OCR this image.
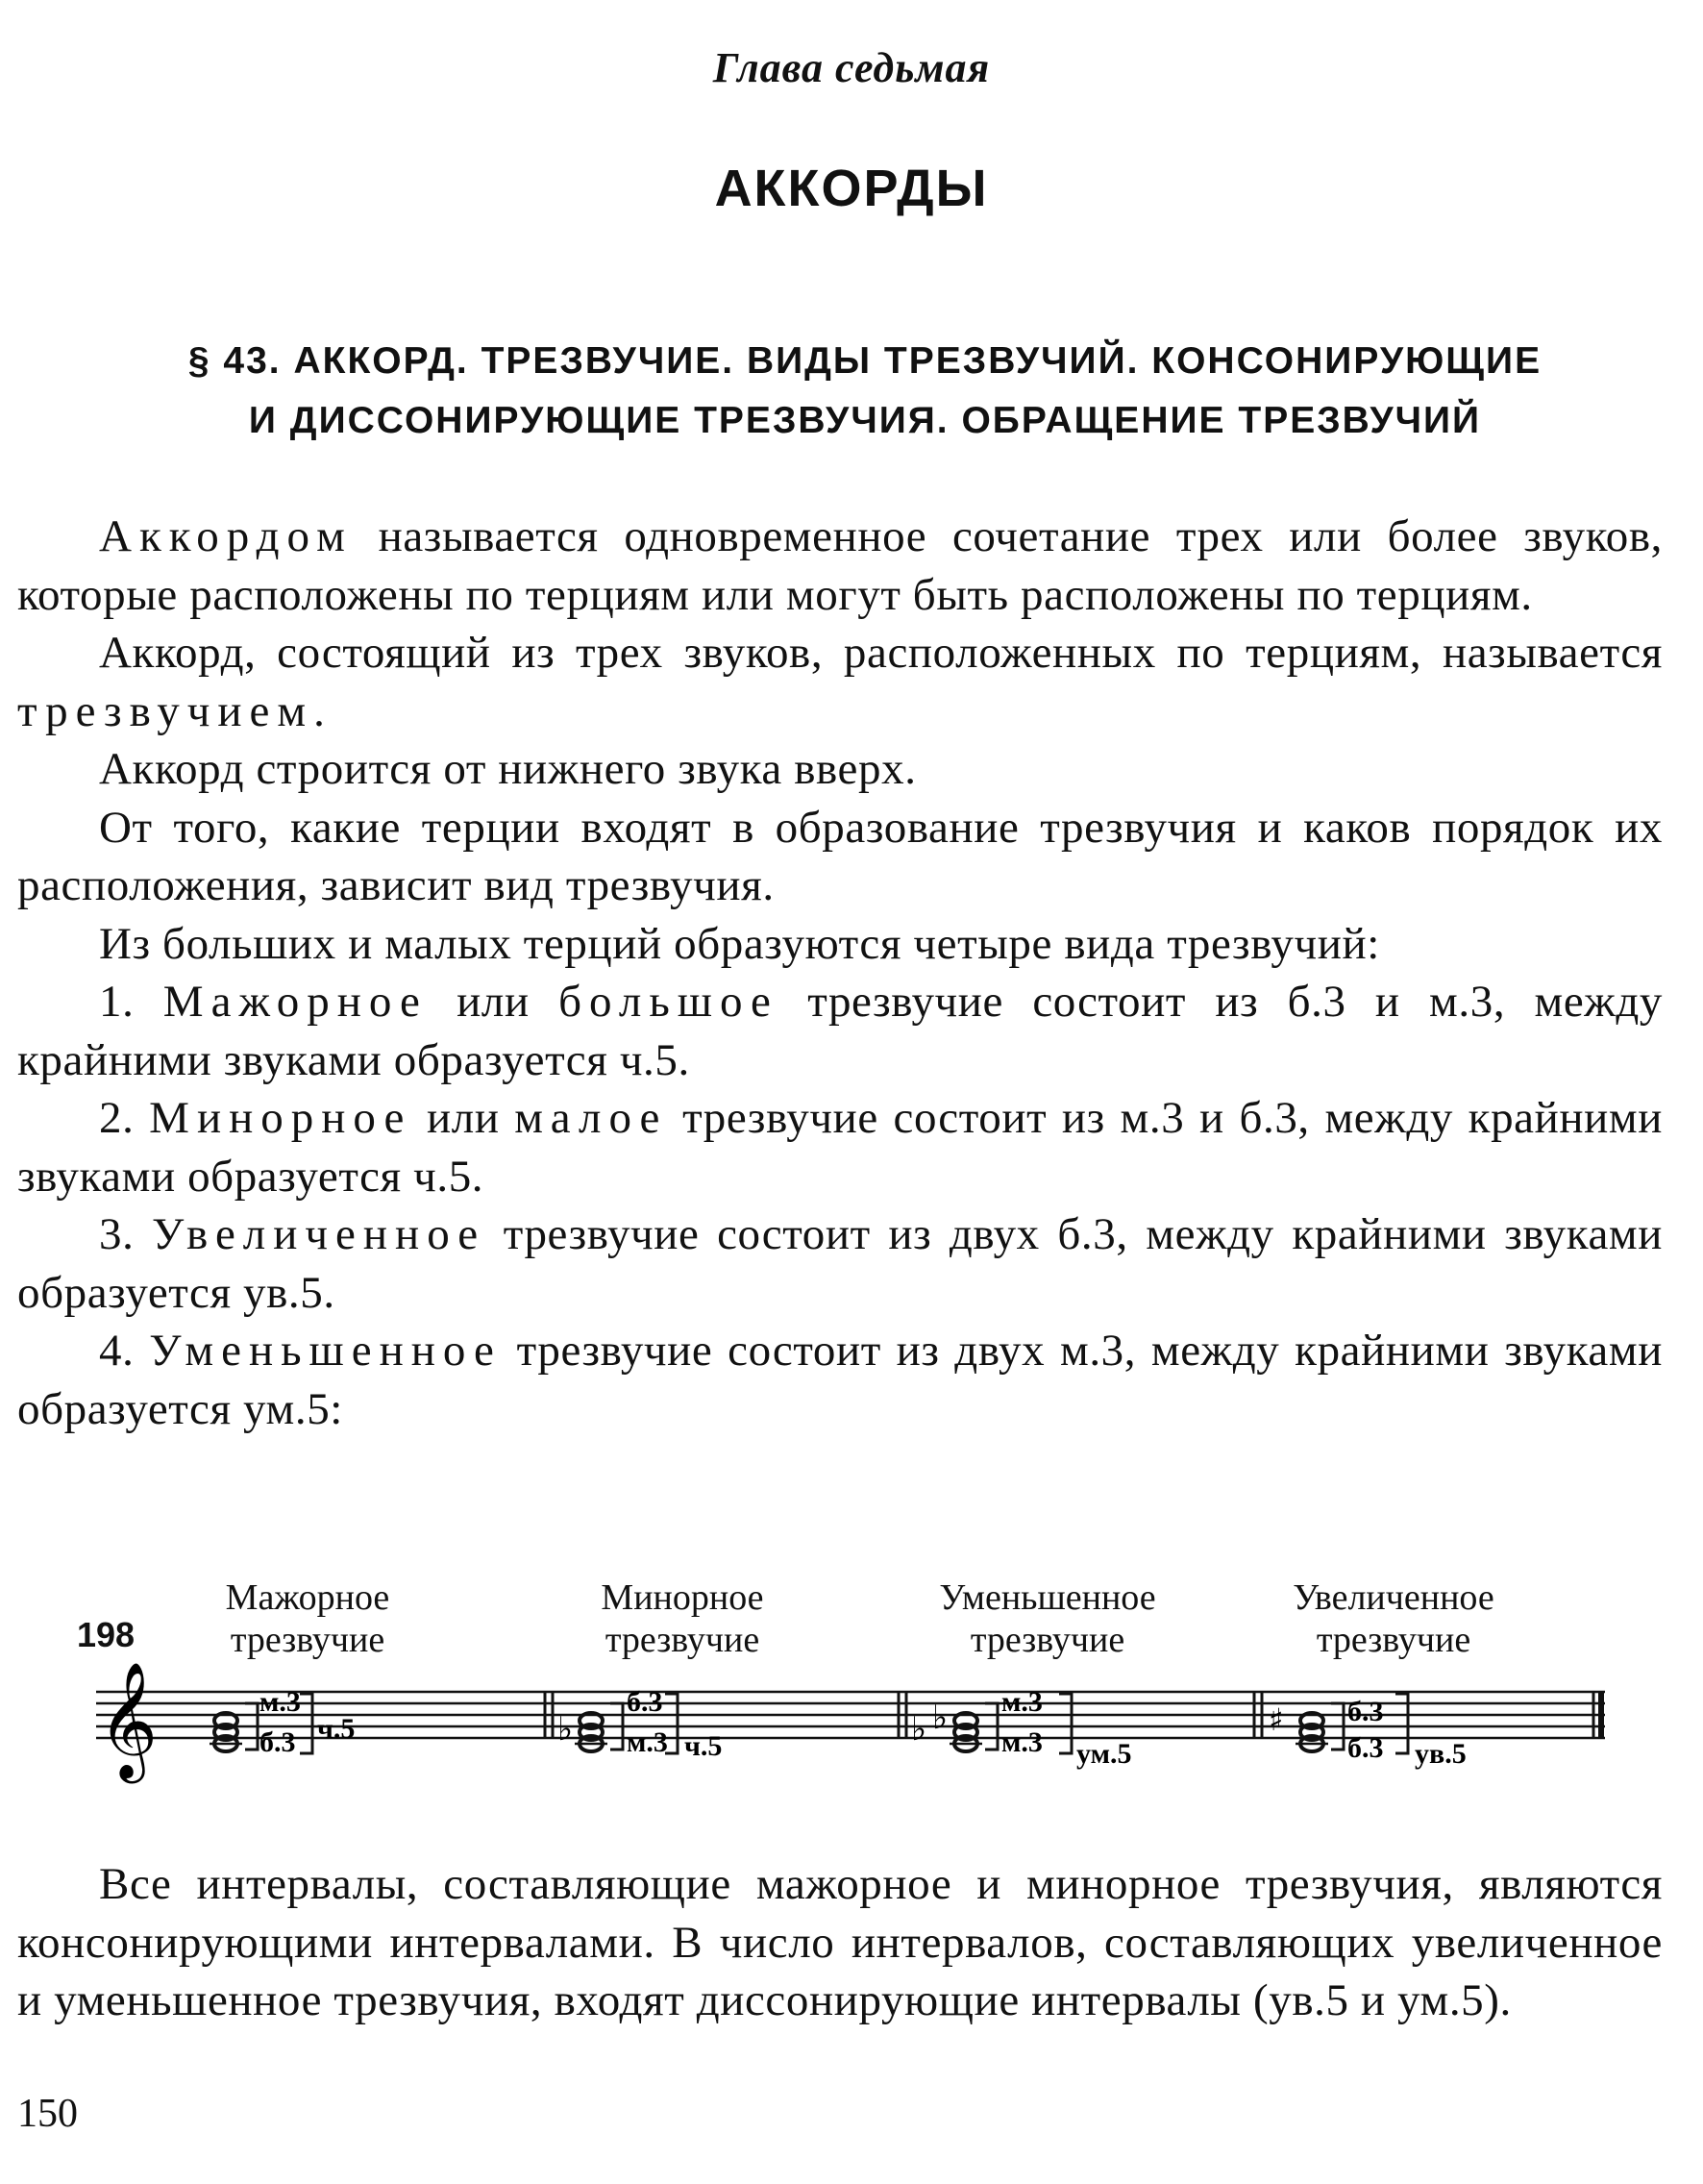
Глава седьмая
АККОРДЫ
§ 43. АККОРД. ТРЕЗВУЧИЕ. ВИДЫ ТРЕЗВУЧИЙ. КОНСОНИРУЮЩИЕ
И ДИССОНИРУЮЩИЕ ТРЕЗВУЧИЯ. ОБРАЩЕНИЕ ТРЕЗВУЧИЙ

Аккордом называется одновременное сочетание трех или более звуков, которые расположены по терциям или могут быть расположены по терциям.

Аккорд, состоящий из трех звуков, расположенных по терциям, называется трезвучием.

Аккорд строится от нижнего звука вверх.

От того, какие терции входят в образование трезвучия и каков порядок их расположения, зависит вид трезвучия.

Из больших и малых терций образуются четыре вида трезвучий:

1. Мажорное или большое трезвучие состоит из б.3 и м.3, между крайними звуками образуется ч.5.

2. Минорное или малое трезвучие состоит из м.3 и б.3, между крайними звуками образуется ч.5.

3. Увеличенное трезвучие состоит из двух б.3, между крайними звуками образуется ув.5.

4. Уменьшенное трезвучие состоит из двух м.3, между крайними звуками образуется ум.5:

198
Мажорное
трезвучие
Минорное
трезвучие
Уменьшенное
трезвучие
Увеличенное
трезвучие
𝄞	м.3
б.3 ч.5	♭
б.3
м.3 ч.5	♭ ♭ м.3
м.3 ум.5
♯ б.3
б.3 ув.5

Все интервалы, составляющие мажорное и минорное трезвучия, являются консонирующими интервалами. В число интервалов, составляющих увеличенное и уменьшенное трезвучия, входят диссонирующие интервалы (ув.5 и ум.5).

150
